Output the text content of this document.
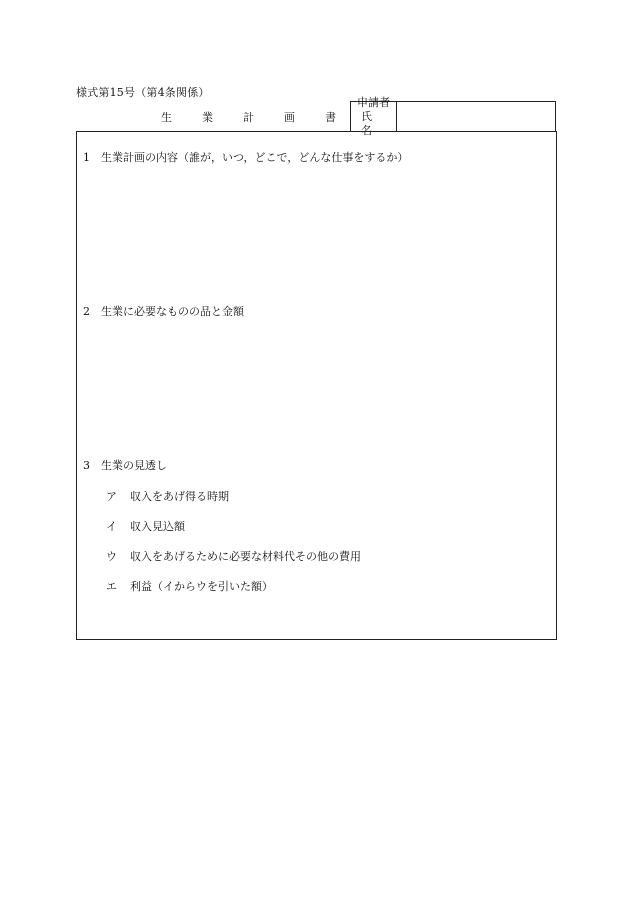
様式第15号（第4条関係）
生	業	計	画	書
申請者
氏名
1 生業計画の内容（誰が，いつ，どこで，どんな仕事をするか）
2 生業に必要なものの品と金額
3 生業の見透し
ア 収入をあげ得る時期
イ 収入見込額
ウ 収入をあげるために必要な材料代その他の費用
エ 利益（イからウを引いた額）
